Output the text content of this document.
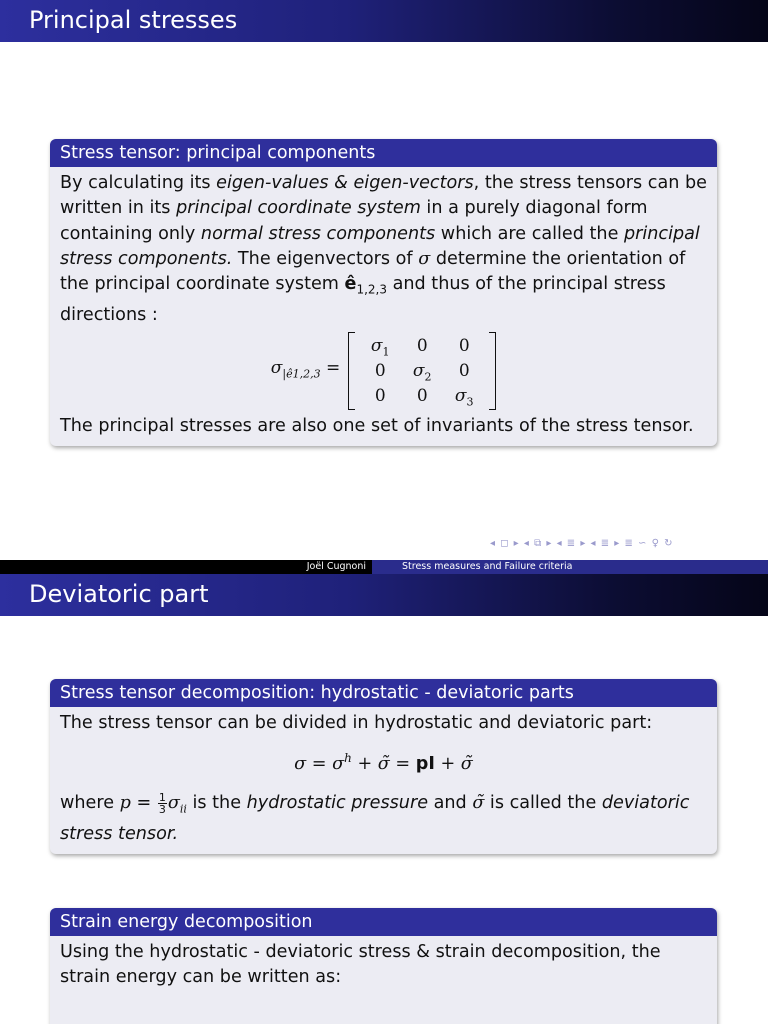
Principal stresses
Stress tensor: principal components
By calculating its eigen-values & eigen-vectors, the stress tensors can be written in its principal coordinate system in a purely diagonal form containing only normal stress components which are called the principal stress components. The eigenvectors of σ determine the orientation of the principal coordinate system $ê_{1,2,3}$ and thus of the principal stress directions :
$\sigma_{|ê1,2,3}$ =
$\sigma_1$	0	0
0	$\sigma_2$	0
0	0	$\sigma_3$
The principal stresses are also one set of invariants of the stress tensor.
◂ ◻ ▸ ◂ ⧉ ▸ ◂ ≣ ▸ ◂ ≣ ▸ ≣ ∽ ♀ ↻
Joël Cugnoni	Stress measures and Failure criteria
Deviatoric part
Stress tensor decomposition: hydrostatic - deviatoric parts
The stress tensor can be divided in hydrostatic and deviatoric part:
$\sigma = \sigma^h$ + σ̃ = pI + σ̃
where $p = \frac{1}{3} \sigma_{ii}$ is the hydrostatic pressure and σ̃ is called the deviatoric stress tensor.
Strain energy decomposition
Using the hydrostatic - deviatoric stress & strain decomposition, the strain energy can be written as:
